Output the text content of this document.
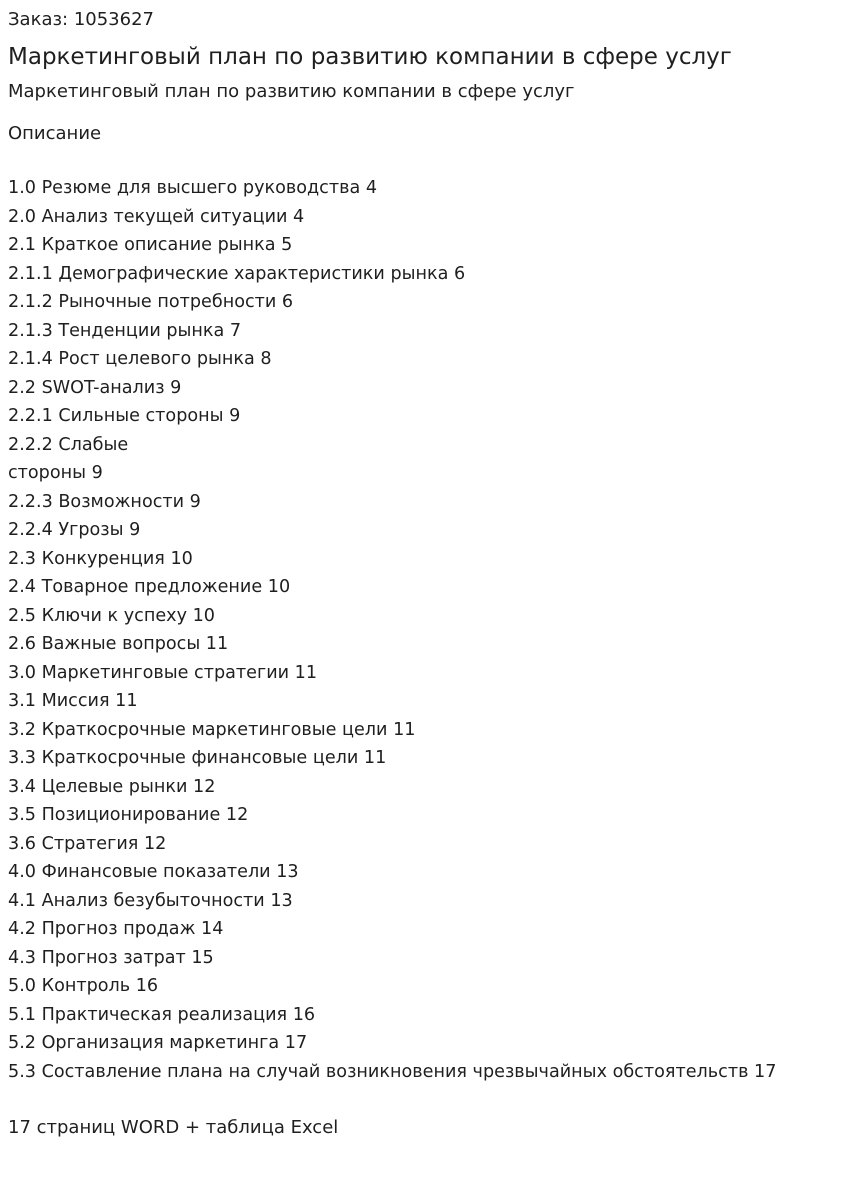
Заказ: 1053627
Маркетинговый план по развитию компании в сфере услуг
Маркетинговый план по развитию компании в сфере услуг
Описание
1.0 Резюме для высшего руководства 4
2.0 Анализ текущей ситуации 4
2.1 Краткое описание рынка 5
2.1.1 Демографические характеристики рынка 6
2.1.2 Рыночные потребности 6
2.1.3 Тенденции рынка 7
2.1.4 Рост целевого рынка 8
2.2 SWOT-анализ 9
2.2.1 Сильные стороны 9
2.2.2 Слабые
стороны 9
2.2.3 Возможности 9
2.2.4 Угрозы 9
2.3 Конкуренция 10
2.4 Товарное предложение 10
2.5 Ключи к успеху 10
2.6 Важные вопросы 11
3.0 Маркетинговые стратегии 11
3.1 Миссия 11
3.2 Краткосрочные маркетинговые цели 11
3.3 Краткосрочные финансовые цели 11
3.4 Целевые рынки 12
3.5 Позиционирование 12
3.6 Стратегия 12
4.0 Финансовые показатели 13
4.1 Анализ безубыточности 13
4.2 Прогноз продаж 14
4.3 Прогноз затрат 15
5.0 Контроль 16
5.1 Практическая реализация 16
5.2 Организация маркетинга 17
5.3 Составление плана на случай возникновения чрезвычайных обстоятельств 17
17 страниц WORD + таблица Excel
